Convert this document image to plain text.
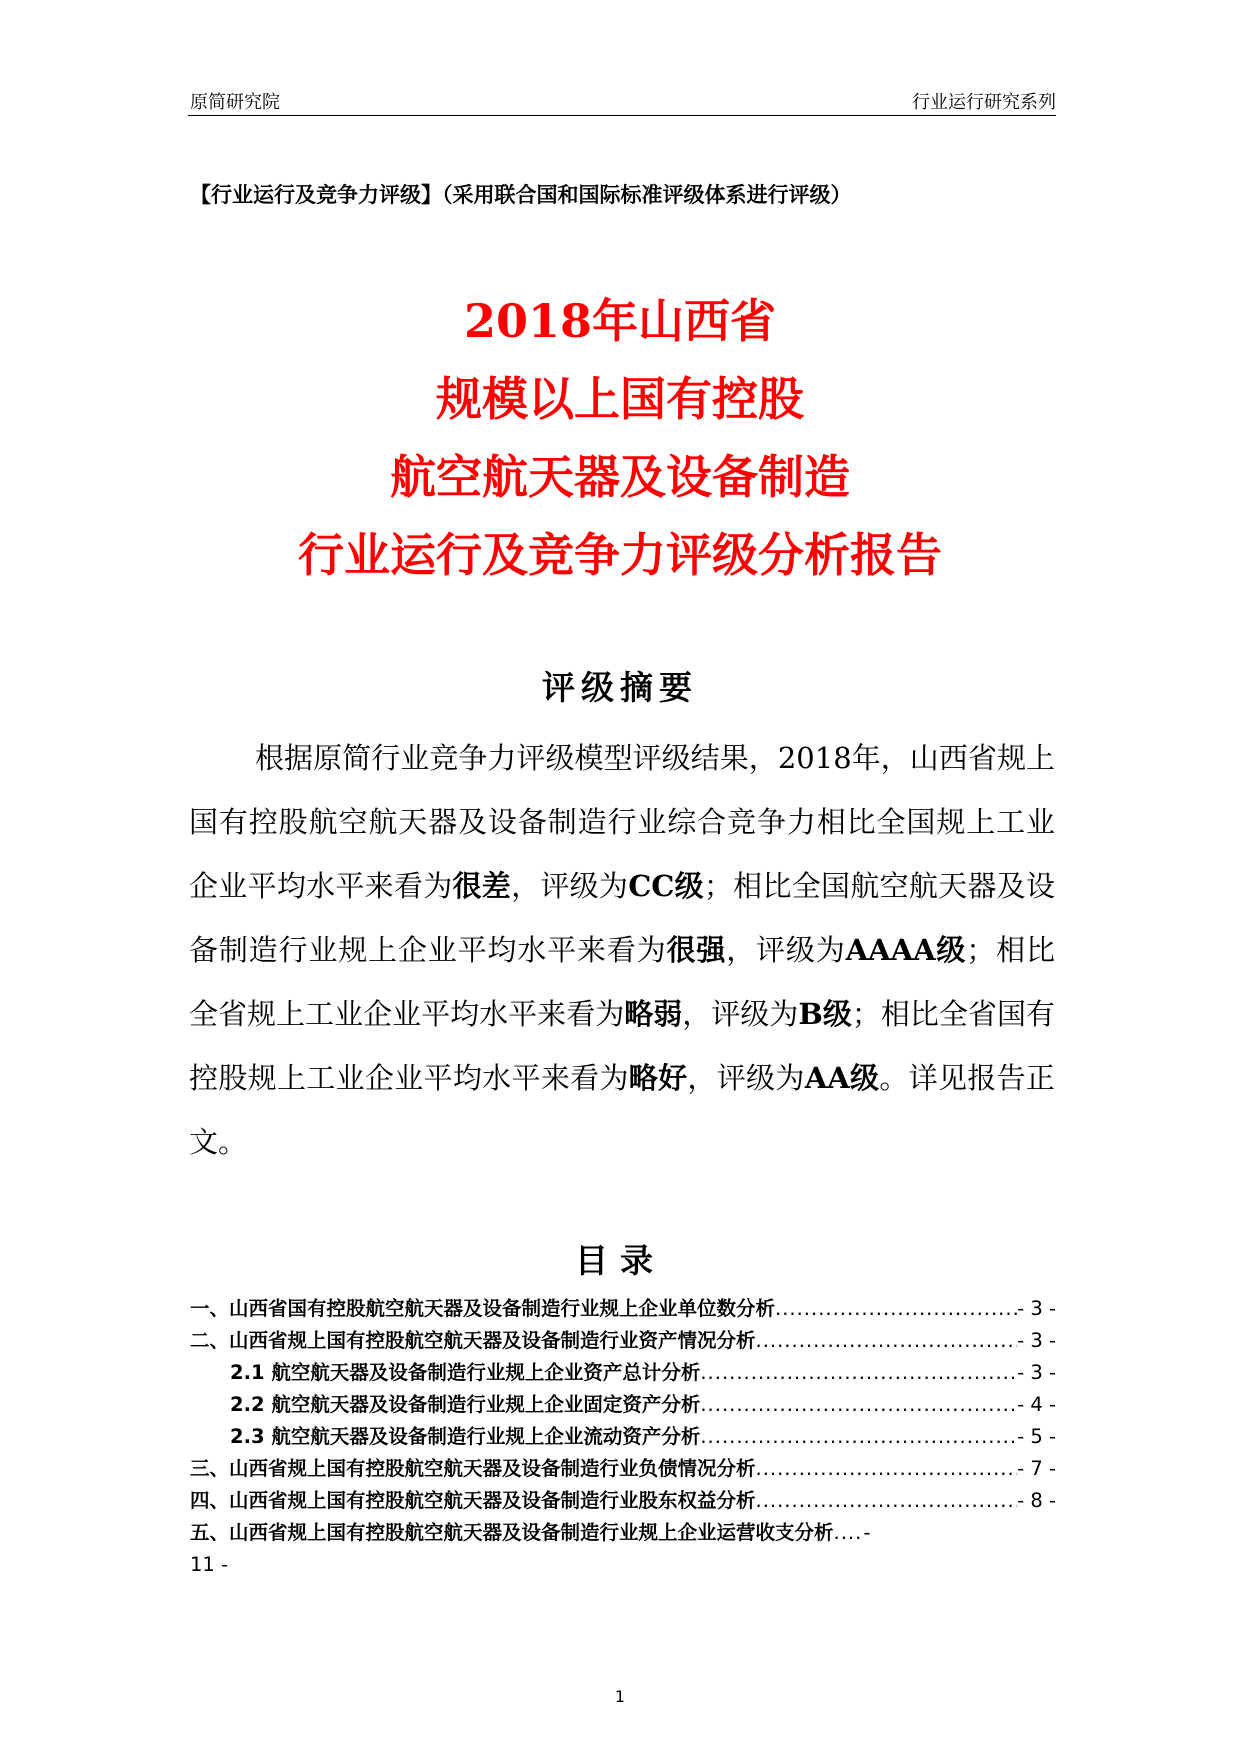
原简研究院	行业运行研究系列
【行业运行及竞争力评级】（采用联合国和国际标准评级体系进行评级）

2018年山西省

规模以上国有控股

航空航天器及设备制造

行业运行及竞争力评级分析报告

评级摘要

根据原简行业竞争力评级模型评级结果，2018年，山西省规上国有控股航空航天器及设备制造行业综合竞争力相比全国规上工业企业平均水平来看为很差，评级为CC级；相比全国航空航天器及设备制造行业规上企业平均水平来看为很强，评级为AAAA级；相比全省规上工业企业平均水平来看为略弱，评级为B级；相比全省国有控股规上工业企业平均水平来看为略好，评级为AA级。详见报告正文。

目录
一、山西省国有控股航空航天器及设备制造行业规上企业单位数分析 .....	- 3 -
二、山西省规上国有控股航空航天器及设备制造行业资产情况分析 .....	- 3 -
2.1 航空航天器及设备制造行业规上企业资产总计分析 .....	- 3 -
2.2 航空航天器及设备制造行业规上企业固定资产分析 .....	- 4 -
2.3 航空航天器及设备制造行业规上企业流动资产分析 .....	- 5 -
三、山西省规上国有控股航空航天器及设备制造行业负债情况分析 .....	- 7 -
四、山西省规上国有控股航空航天器及设备制造行业股东权益分析 .....	- 8 -
五、山西省规上国有控股航空航天器及设备制造行业规上企业运营收支分析 ..... -
11 -
1
